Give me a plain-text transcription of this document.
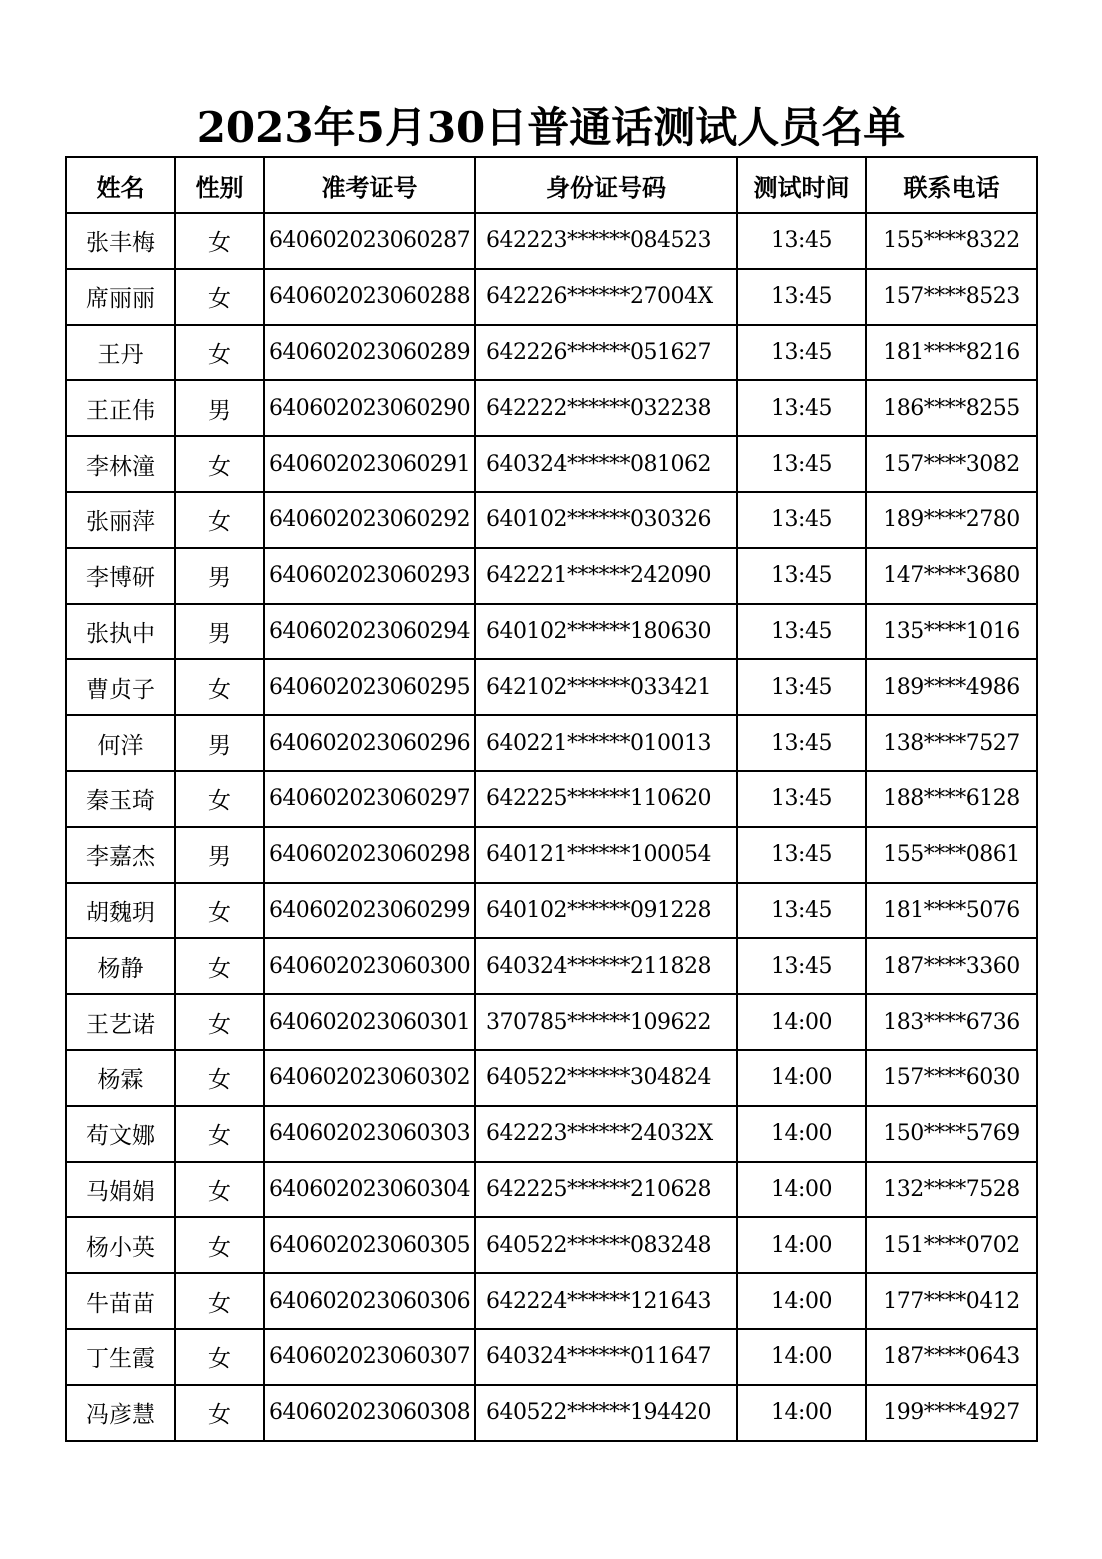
2023年5月30日普通话测试人员名单
姓名	性别	准考证号	身份证号码	测试时间	联系电话
张丰梅	女	640602023060287	642223******084523	13:45	155****8322
席丽丽	女	640602023060288	642226******27004X	13:45	157****8523
王丹	女	640602023060289	642226******051627	13:45	181****8216
王正伟	男	640602023060290	642222******032238	13:45	186****8255
李林潼	女	640602023060291	640324******081062	13:45	157****3082
张丽萍	女	640602023060292	640102******030326	13:45	189****2780
李博研	男	640602023060293	642221******242090	13:45	147****3680
张执中	男	640602023060294	640102******180630	13:45	135****1016
曹贞子	女	640602023060295	642102******033421	13:45	189****4986
何洋	男	640602023060296	640221******010013	13:45	138****7527
秦玉琦	女	640602023060297	642225******110620	13:45	188****6128
李嘉杰	男	640602023060298	640121******100054	13:45	155****0861
胡魏玥	女	640602023060299	640102******091228	13:45	181****5076
杨静	女	640602023060300	640324******211828	13:45	187****3360
王艺诺	女	640602023060301	370785******109622	14:00	183****6736
杨霖	女	640602023060302	640522******304824	14:00	157****6030
苟文娜	女	640602023060303	642223******24032X	14:00	150****5769
马娟娟	女	640602023060304	642225******210628	14:00	132****7528
杨小英	女	640602023060305	640522******083248	14:00	151****0702
牛苗苗	女	640602023060306	642224******121643	14:00	177****0412
丁生霞	女	640602023060307	640324******011647	14:00	187****0643
冯彦慧	女	640602023060308	640522******194420	14:00	199****4927
